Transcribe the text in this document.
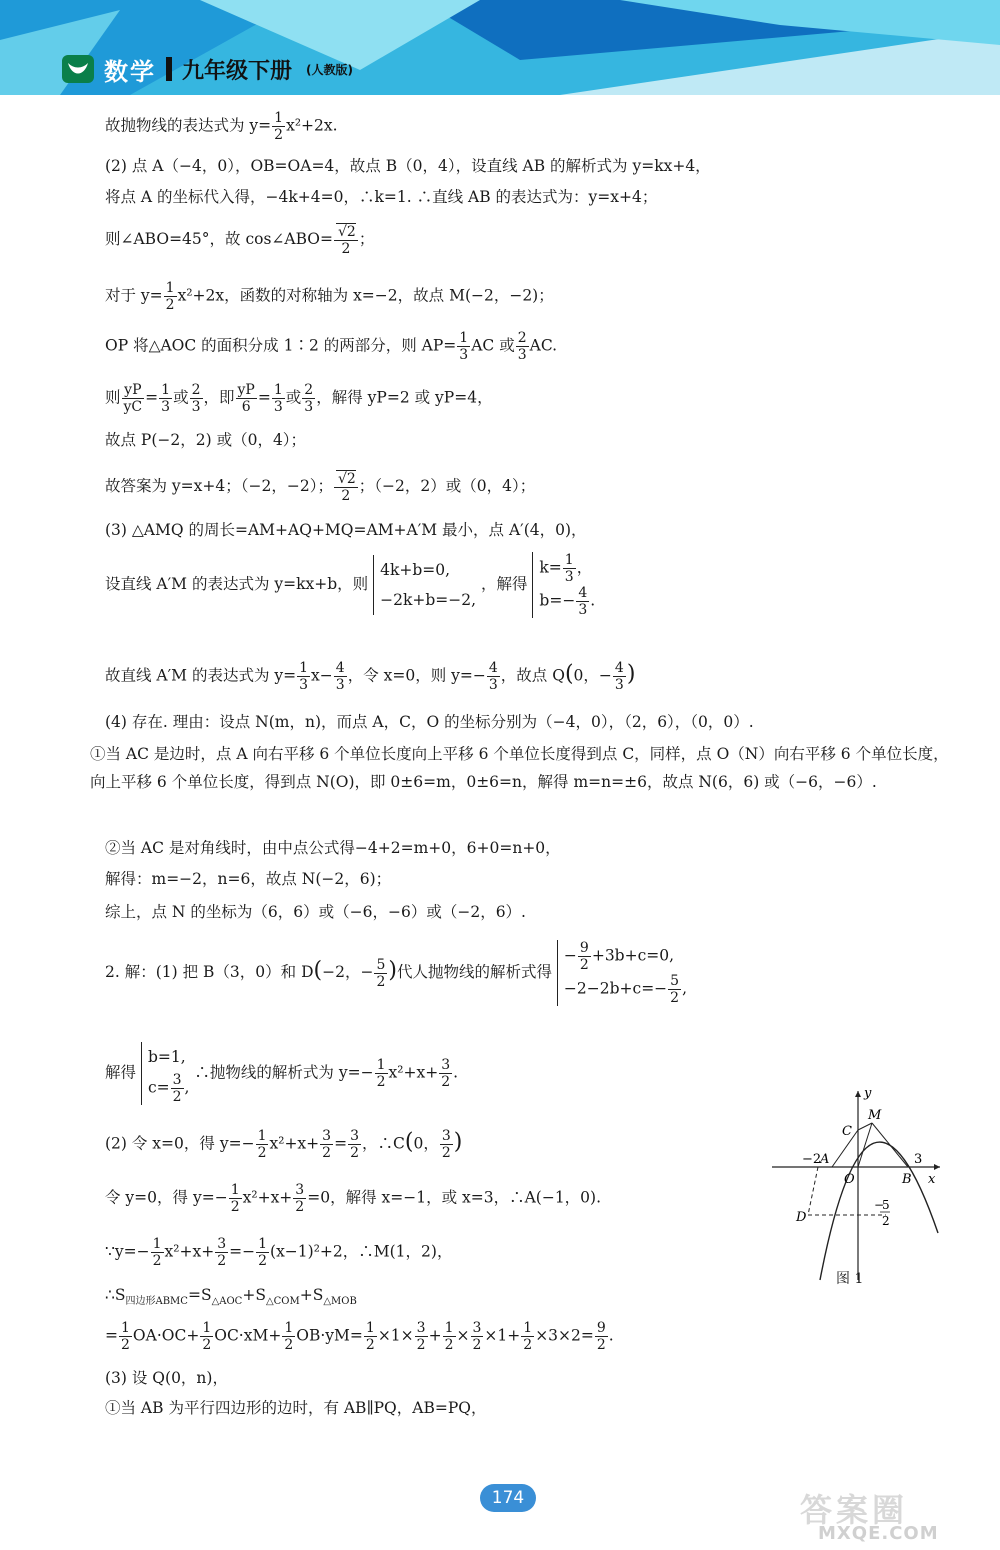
数学 九年级下册 (人教版)
故抛物线的表达式为 $y= \frac{1}{2} x^2+2x$.
(2) 点 A（−4，0），OB=OA=4，故点 B（0，4），设直线 AB 的解析式为 y=kx+4，
将点 A 的坐标代入得，−4k+4=0，∴k=1. ∴直线 AB 的表达式为：y=x+4；
则∠ABO=45°，故 cos∠ABO= $\frac{√2}{2}$ ；
对于 $y= \frac{1}{2} x^2+2x$，函数的对称轴为 x=−2，故点 M(−2，−2)；
OP 将△AOC 的面积分成 1∶2 的两部分，则 $AP= \frac{1}{3}$ AC 或 $\frac{2}{3}$ AC.
则 $\frac{yP}{yC} = \frac{1}{3}$ 或 $\frac{2}{3}$ ，即 $\frac{yP}{6} = \frac{1}{3}$ 或 $\frac{2}{3}$ ，解得 yP=2 或 yP=4，
故点 P(−2，2) 或（0，4）；
故答案为 y=x+4；（−2，−2）； $\frac{√2}{2}$ ；（−2，2）或（0，4）；
(3) △AMQ 的周长=AM+AQ+MQ=AM+A′M 最小，点 A′(4，0)，
设直线 A′M 的表达式为 y=kx+b，则
4k+b=0,
−2k+b=−2,
，解得
$k= \frac{1}{3}$ ，
$b=- \frac{4}{3}$ .
故直线 A′M 的表达式为 $y= \frac{1}{3} x- \frac{4}{3}$ ，令 x=0，则 $y=- \frac{4}{3}$ ，故点 Q(0，− $\frac{4}{3}$ )
(4) 存在. 理由：设点 N(m，n)，而点 A，C，O 的坐标分别为（−4，0），（2，6），（0，0）.
①当 AC 是边时，点 A 向右平移 6 个单位长度向上平移 6 个单位长度得到点 C，同样，点 O（N）向右平移 6 个单位长度，向上平移 6 个单位长度，得到点 N(O)，即 0±6=m，0±6=n，解得 m=n=±6，故点 N(6，6) 或（−6，−6）.
②当 AC 是对角线时，由中点公式得−4+2=m+0，6+0=n+0，
解得：m=−2，n=6，故点 N(−2，6)；
综上，点 N 的坐标为（6，6）或（−6，−6）或（−2，6）.
2. 解：(1) 把 B（3，0）和 D(−2，− $\frac{5}{2}$ )代人抛物线的解析式得
− $\frac{9}{2} +3b+c=0$,
$-2-2b+c=- \frac{5}{2}$ ,
解得
b=1,
$c= \frac{3}{2}$ ,
∴抛物线的解析式为 $y=- \frac{1}{2} x^2+x+ \frac{3}{2}$ .
(2) 令 x=0，得 $y=- \frac{1}{2} x^2+x+ \frac{3}{2} = \frac{3}{2}$ ，∴C(0， $\frac{3}{2}$ )
令 y=0，得 $y=- \frac{1}{2} x^2+x+ \frac{3}{2} =0$，解得 x=−1，或 x=3，∴A(−1，0).
∵y=− $\frac{1}{2} x^2+x+ \frac{3}{2} =- \frac{1}{2} (x-1)^2+2$，∴M(1，2)，
$\therefore S_{四边形ABMC}=S_{\triangle AOC}+S_{\triangle COM}+S_{\triangle MOB}$
= $\frac{1}{2} OA\cdot OC+ \frac{1}{2} OC\cdot xM+ \frac{1}{2} OB\cdot yM= \frac{1}{2} \times 1\times \frac{3}{2} + \frac{1}{2} \times \frac{3}{2} \times 1+ \frac{1}{2} \times 3\times 2= \frac{9}{2}$ .
(3) 设 Q(0，n)，
①当 AB 为平行四边形的边时，有 AB∥PQ，AB=PQ，
y
x
M
C
−2
A
O	B
3
D
−
5
2
图 1
174	答案圈
MXQE.COM
